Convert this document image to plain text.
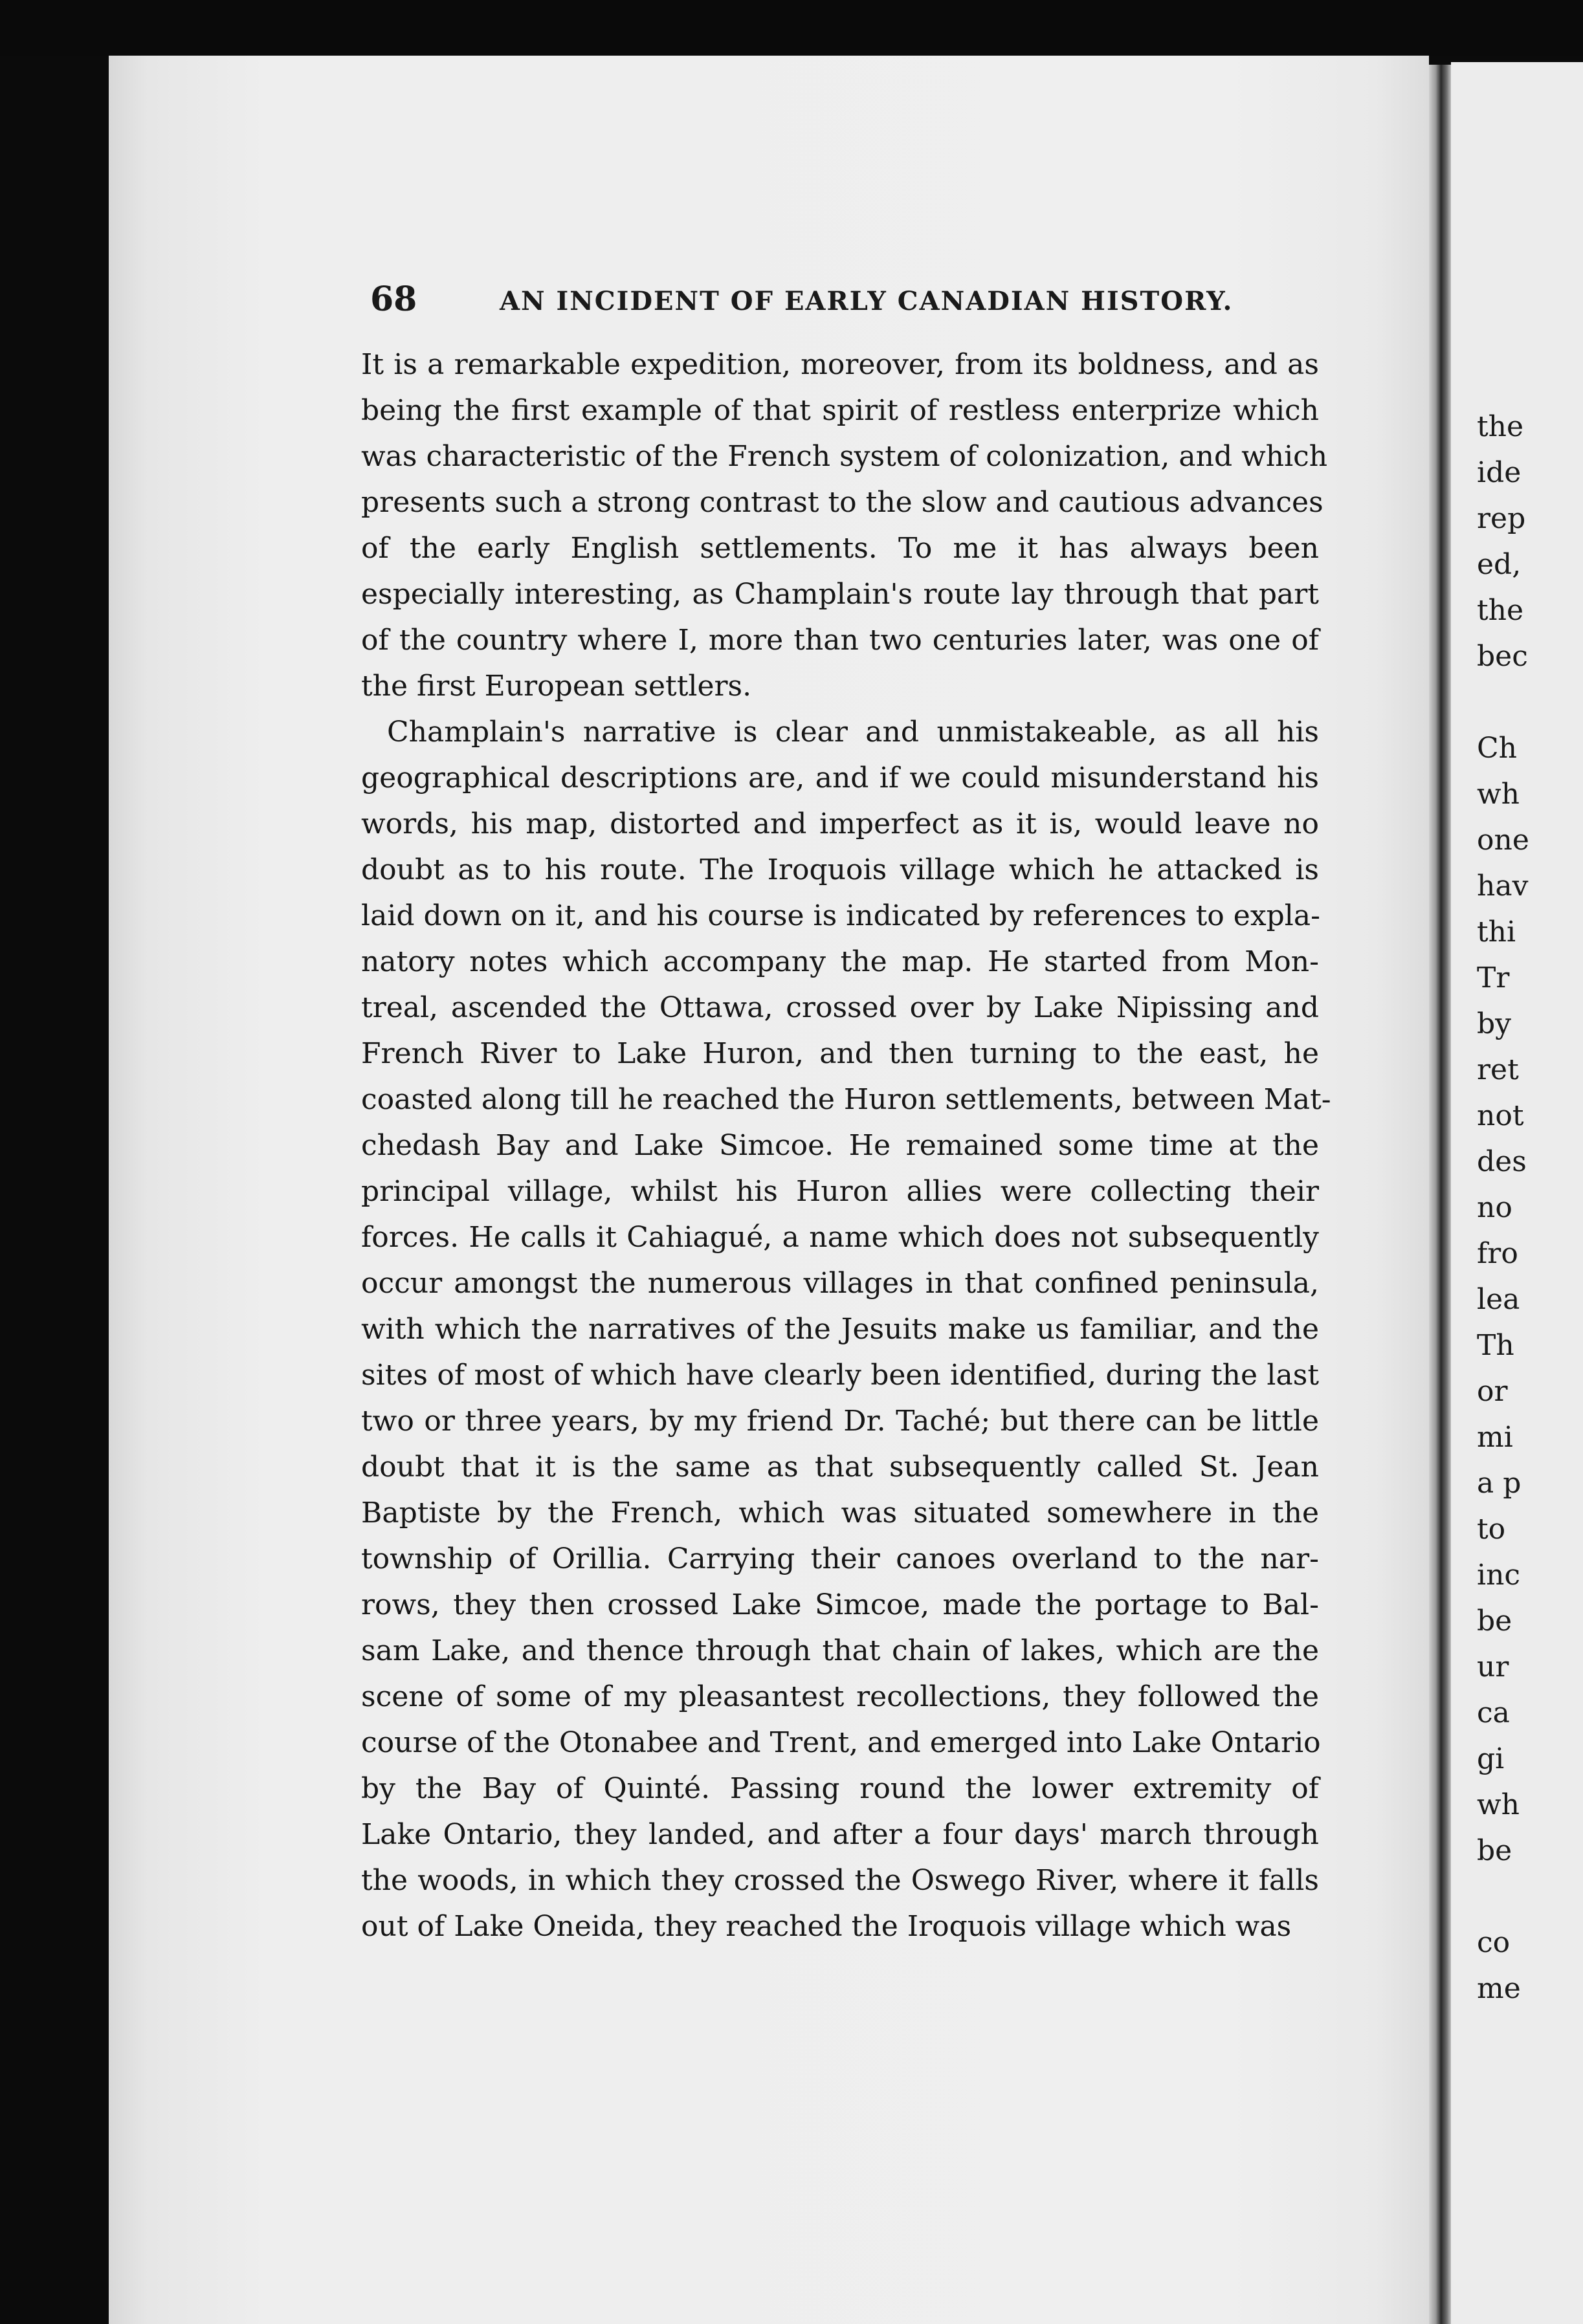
the
ide
rep
ed,
the
bec
Ch
wh
one
hav
thi
Tr
by
ret
not
des
no
fro
lea
Th
or
mi
a p
to
inc
be
ur
ca
gi
wh
be
co
me
68	AN INCIDENT OF EARLY CANADIAN HISTORY.
It is a remarkable expedition, moreover, from its boldness, and as
being the first example of that spirit of restless enterprize which
was characteristic of the French system of colonization, and which
presents such a strong contrast to the slow and cautious advances
of the early English settlements. To me it has always been
especially interesting, as Champlain's route lay through that part
of the country where I, more than two centuries later, was one of
the first European settlers.
Champlain's narrative is clear and unmistakeable, as all his
geographical descriptions are, and if we could misunderstand his
words, his map, distorted and imperfect as it is, would leave no
doubt as to his route. The Iroquois village which he attacked is
laid down on it, and his course is indicated by references to expla-
natory notes which accompany the map. He started from Mon-
treal, ascended the Ottawa, crossed over by Lake Nipissing and
French River to Lake Huron, and then turning to the east, he
coasted along till he reached the Huron settlements, between Mat-
chedash Bay and Lake Simcoe. He remained some time at the
principal village, whilst his Huron allies were collecting their
forces. He calls it Cahiagué, a name which does not subsequently
occur amongst the numerous villages in that confined peninsula,
with which the narratives of the Jesuits make us familiar, and the
sites of most of which have clearly been identified, during the last
two or three years, by my friend Dr. Taché; but there can be little
doubt that it is the same as that subsequently called St. Jean
Baptiste by the French, which was situated somewhere in the
township of Orillia. Carrying their canoes overland to the nar-
rows, they then crossed Lake Simcoe, made the portage to Bal-
sam Lake, and thence through that chain of lakes, which are the
scene of some of my pleasantest recollections, they followed the
course of the Otonabee and Trent, and emerged into Lake Ontario
by the Bay of Quinté. Passing round the lower extremity of
Lake Ontario, they landed, and after a four days' march through
the woods, in which they crossed the Oswego River, where it falls
out of Lake Oneida, they reached the Iroquois village which was
